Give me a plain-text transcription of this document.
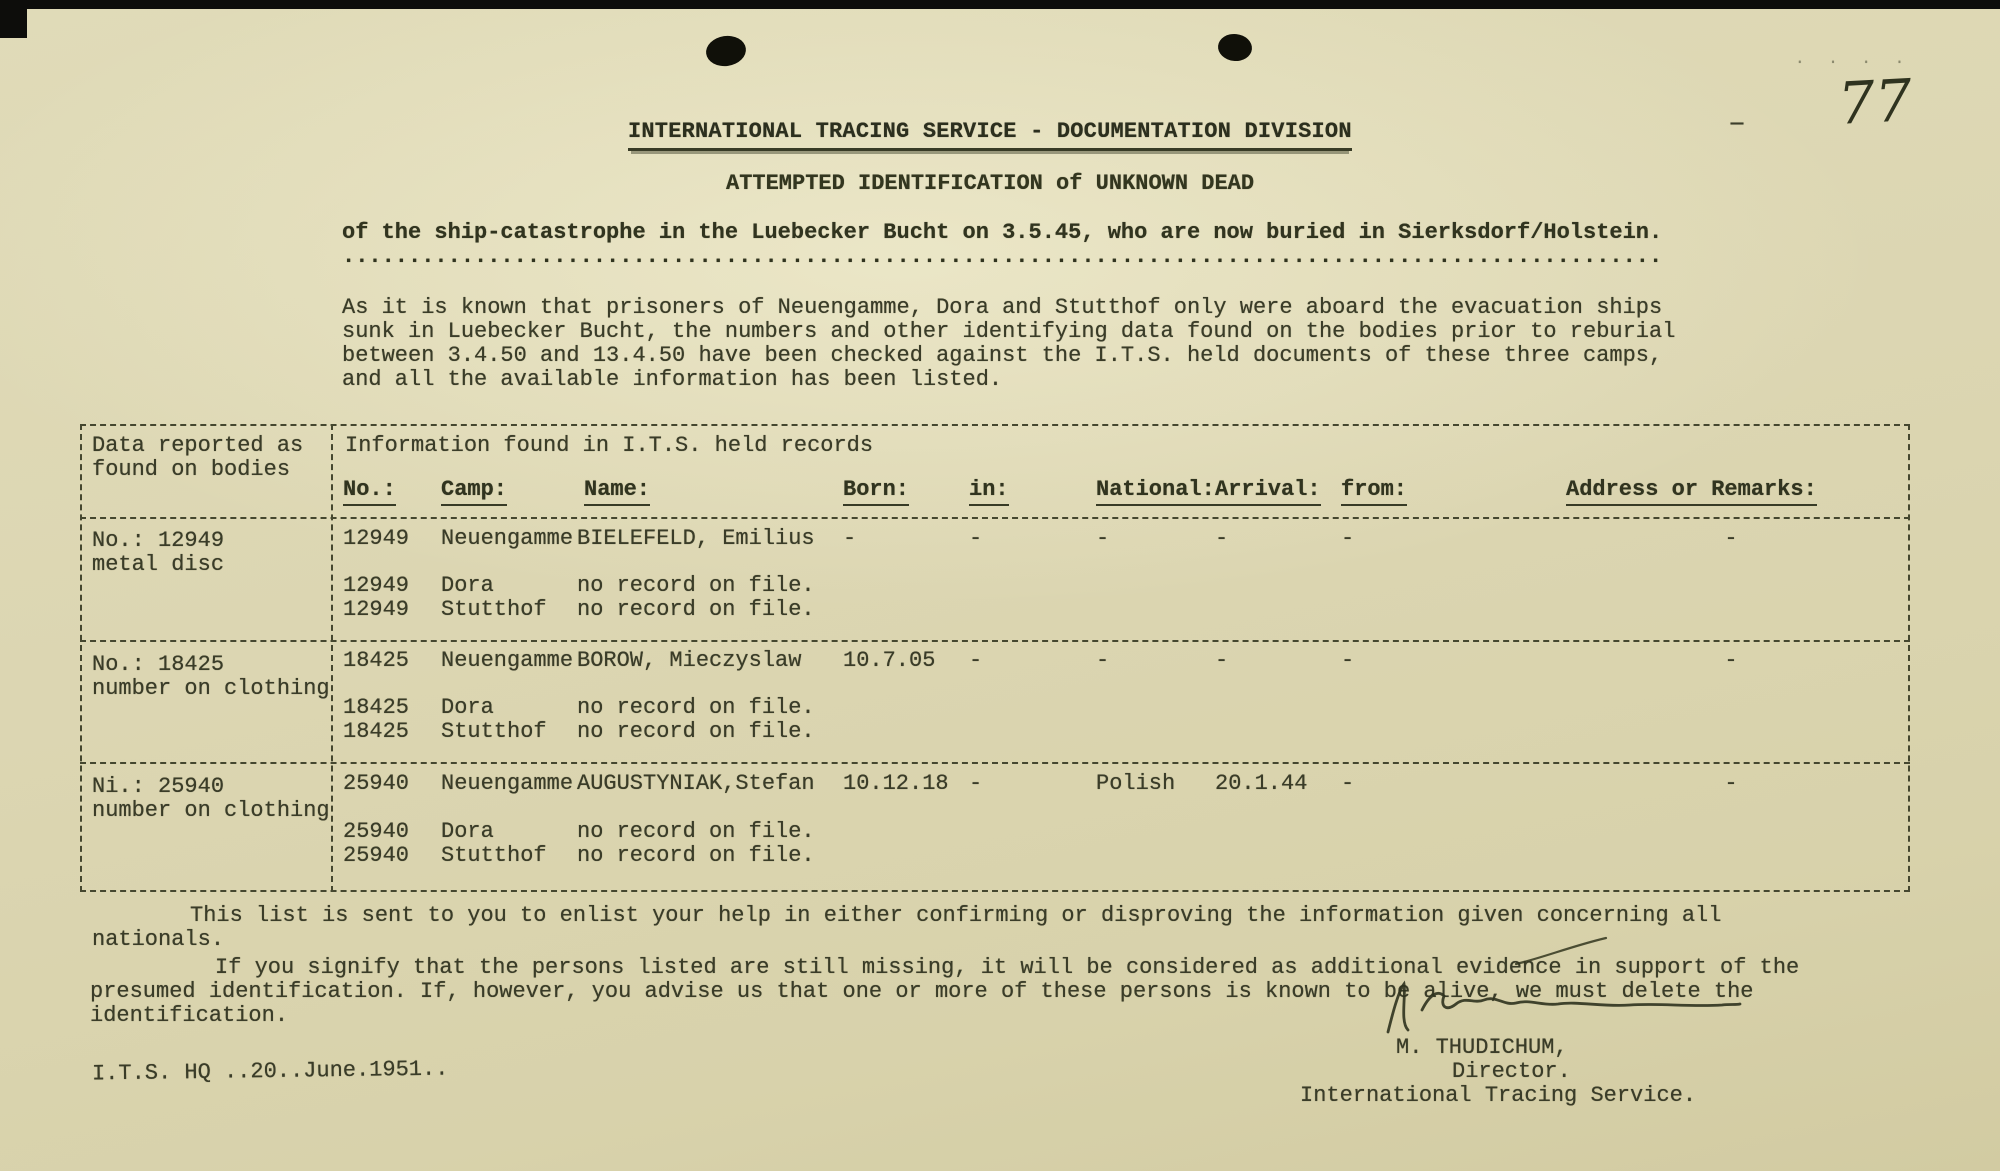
· · · ·
– 77
INTERNATIONAL TRACING SERVICE - DOCUMENTATION DIVISION
ATTEMPTED IDENTIFICATION of UNKNOWN DEAD
of the ship-catastrophe in the Luebecker Bucht on 3.5.45, who are now buried in Sierksdorf/Holstein.
....................................................................................................
As it is known that prisoners of Neuengamme, Dora and Stutthof only were aboard the evacuation ships
sunk in Luebecker Bucht, the numbers and other identifying data found on the bodies prior to reburial
between 3.4.50 and 13.4.50 have been checked against the I.T.S. held documents of these three camps,
and all the available information has been listed.
Data reported as
found on bodies
Information found in I.T.S. held records
No.: Camp:	Name:	Born:	in:	National: Arrival: from:	Address or Remarks:
No.: 12949
metal disc
12949 Neuengamme BIELEFELD, Emilius -	-	-	-	-	-
12949 Dora	no record on file.
12949 Stutthof no record on file.
No.: 18425
number on clothing
18425 Neuengamme BOROW, Mieczyslaw 10.7.05 -	-	-	-	-
18425 Dora	no record on file.
18425 Stutthof no record on file.
Ni.: 25940
number on clothing
25940 Neuengamme AUGUSTYNIAK,Stefan 10.12.18 -	Polish 20.1.44 -	-
25940 Dora	no record on file.
25940 Stutthof no record on file.
This list is sent to you to enlist your help in either confirming or disproving the information given concerning all
nationals.
If you signify that the persons listed are still missing, it will be considered as additional evidence in support of the
presumed identification. If, however, you advise us that one or more of these persons is known to be alive, we must delete the
identification.
M. THUDICHUM,
Director.
International Tracing Service.
I.T.S. HQ ..20..June.1951..
